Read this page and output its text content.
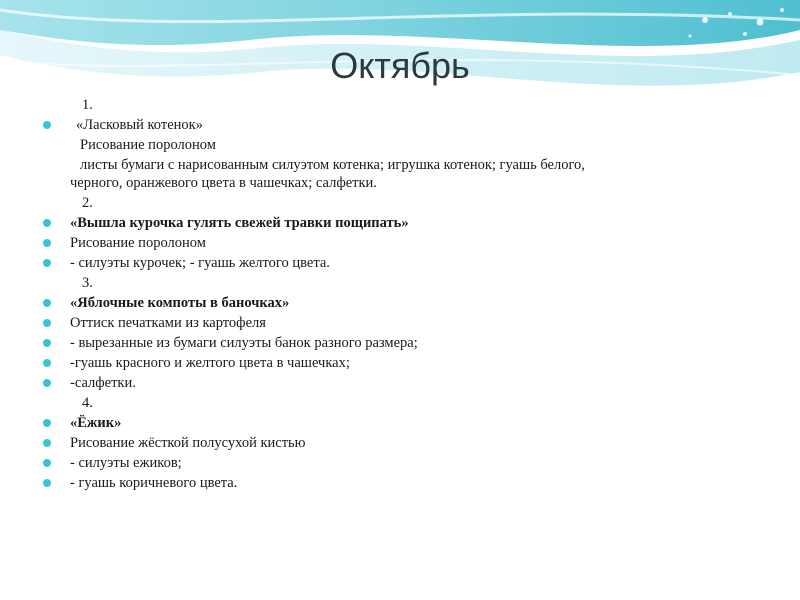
Октябрь
1.
«Ласковый котенок»
Рисование поролоном
листы бумаги с нарисованным силуэтом котенка; игрушка котенок; гуашь белого,
черного, оранжевого цвета в чашечках; салфетки.
2.
«Вышла курочка гулять свежей травки пощипать»
Рисование поролоном
- силуэты курочек; - гуашь желтого цвета.
3.
«Яблочные компоты в баночках»
Оттиск печатками из картофеля
- вырезанные из бумаги силуэты банок разного размера;
-гуашь красного и желтого цвета в чашечках;
-салфетки.
4.
«Ёжик»
Рисование жёсткой полусухой кистью
- силуэты ежиков;
- гуашь коричневого цвета.
